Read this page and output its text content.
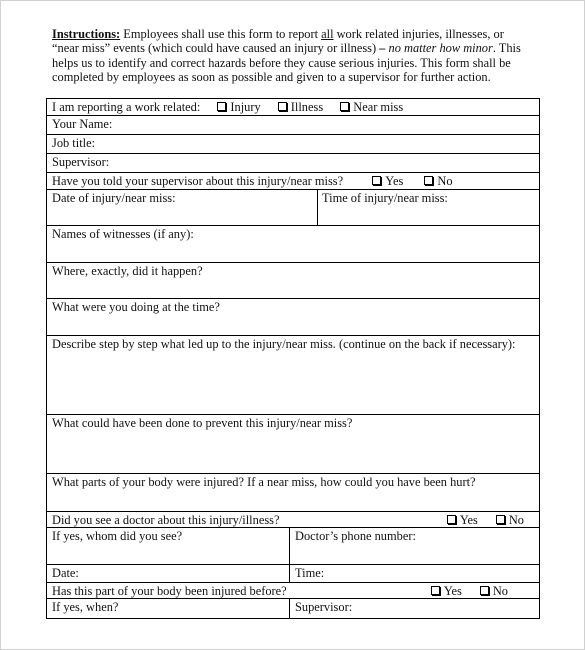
Instructions: Employees shall use this form to report all work related injuries, illnesses, or “near miss” events (which could have caused an injury or illness) – no matter how minor. This helps us to identify and correct hazards before they cause serious injuries. This form shall be completed by employees as soon as possible and given to a supervisor for further action.
I am reporting a work related: Injury Illness Near miss		
Your Name:		
Job title:		
Supervisor:		
Have you told your supervisor about this injury/near miss? Yes No		
Date of injury/near miss:		Time of injury/near miss:
Names of witnesses (if any):		
Where, exactly, did it happen?		
What were you doing at the time?		
Describe step by step what led up to the injury/near miss. (continue on the back if necessary):		
What could have been done to prevent this injury/near miss?		
What parts of your body were injured? If a near miss, how could you have been hurt?		
Did you see a doctor about this injury/illness? Yes No		

If yes, whom did you see?	Doctor’s phone number:	
Date:	Time:	
Has this part of your body been injured before? Yes No		

If yes, when?	Supervisor:	
